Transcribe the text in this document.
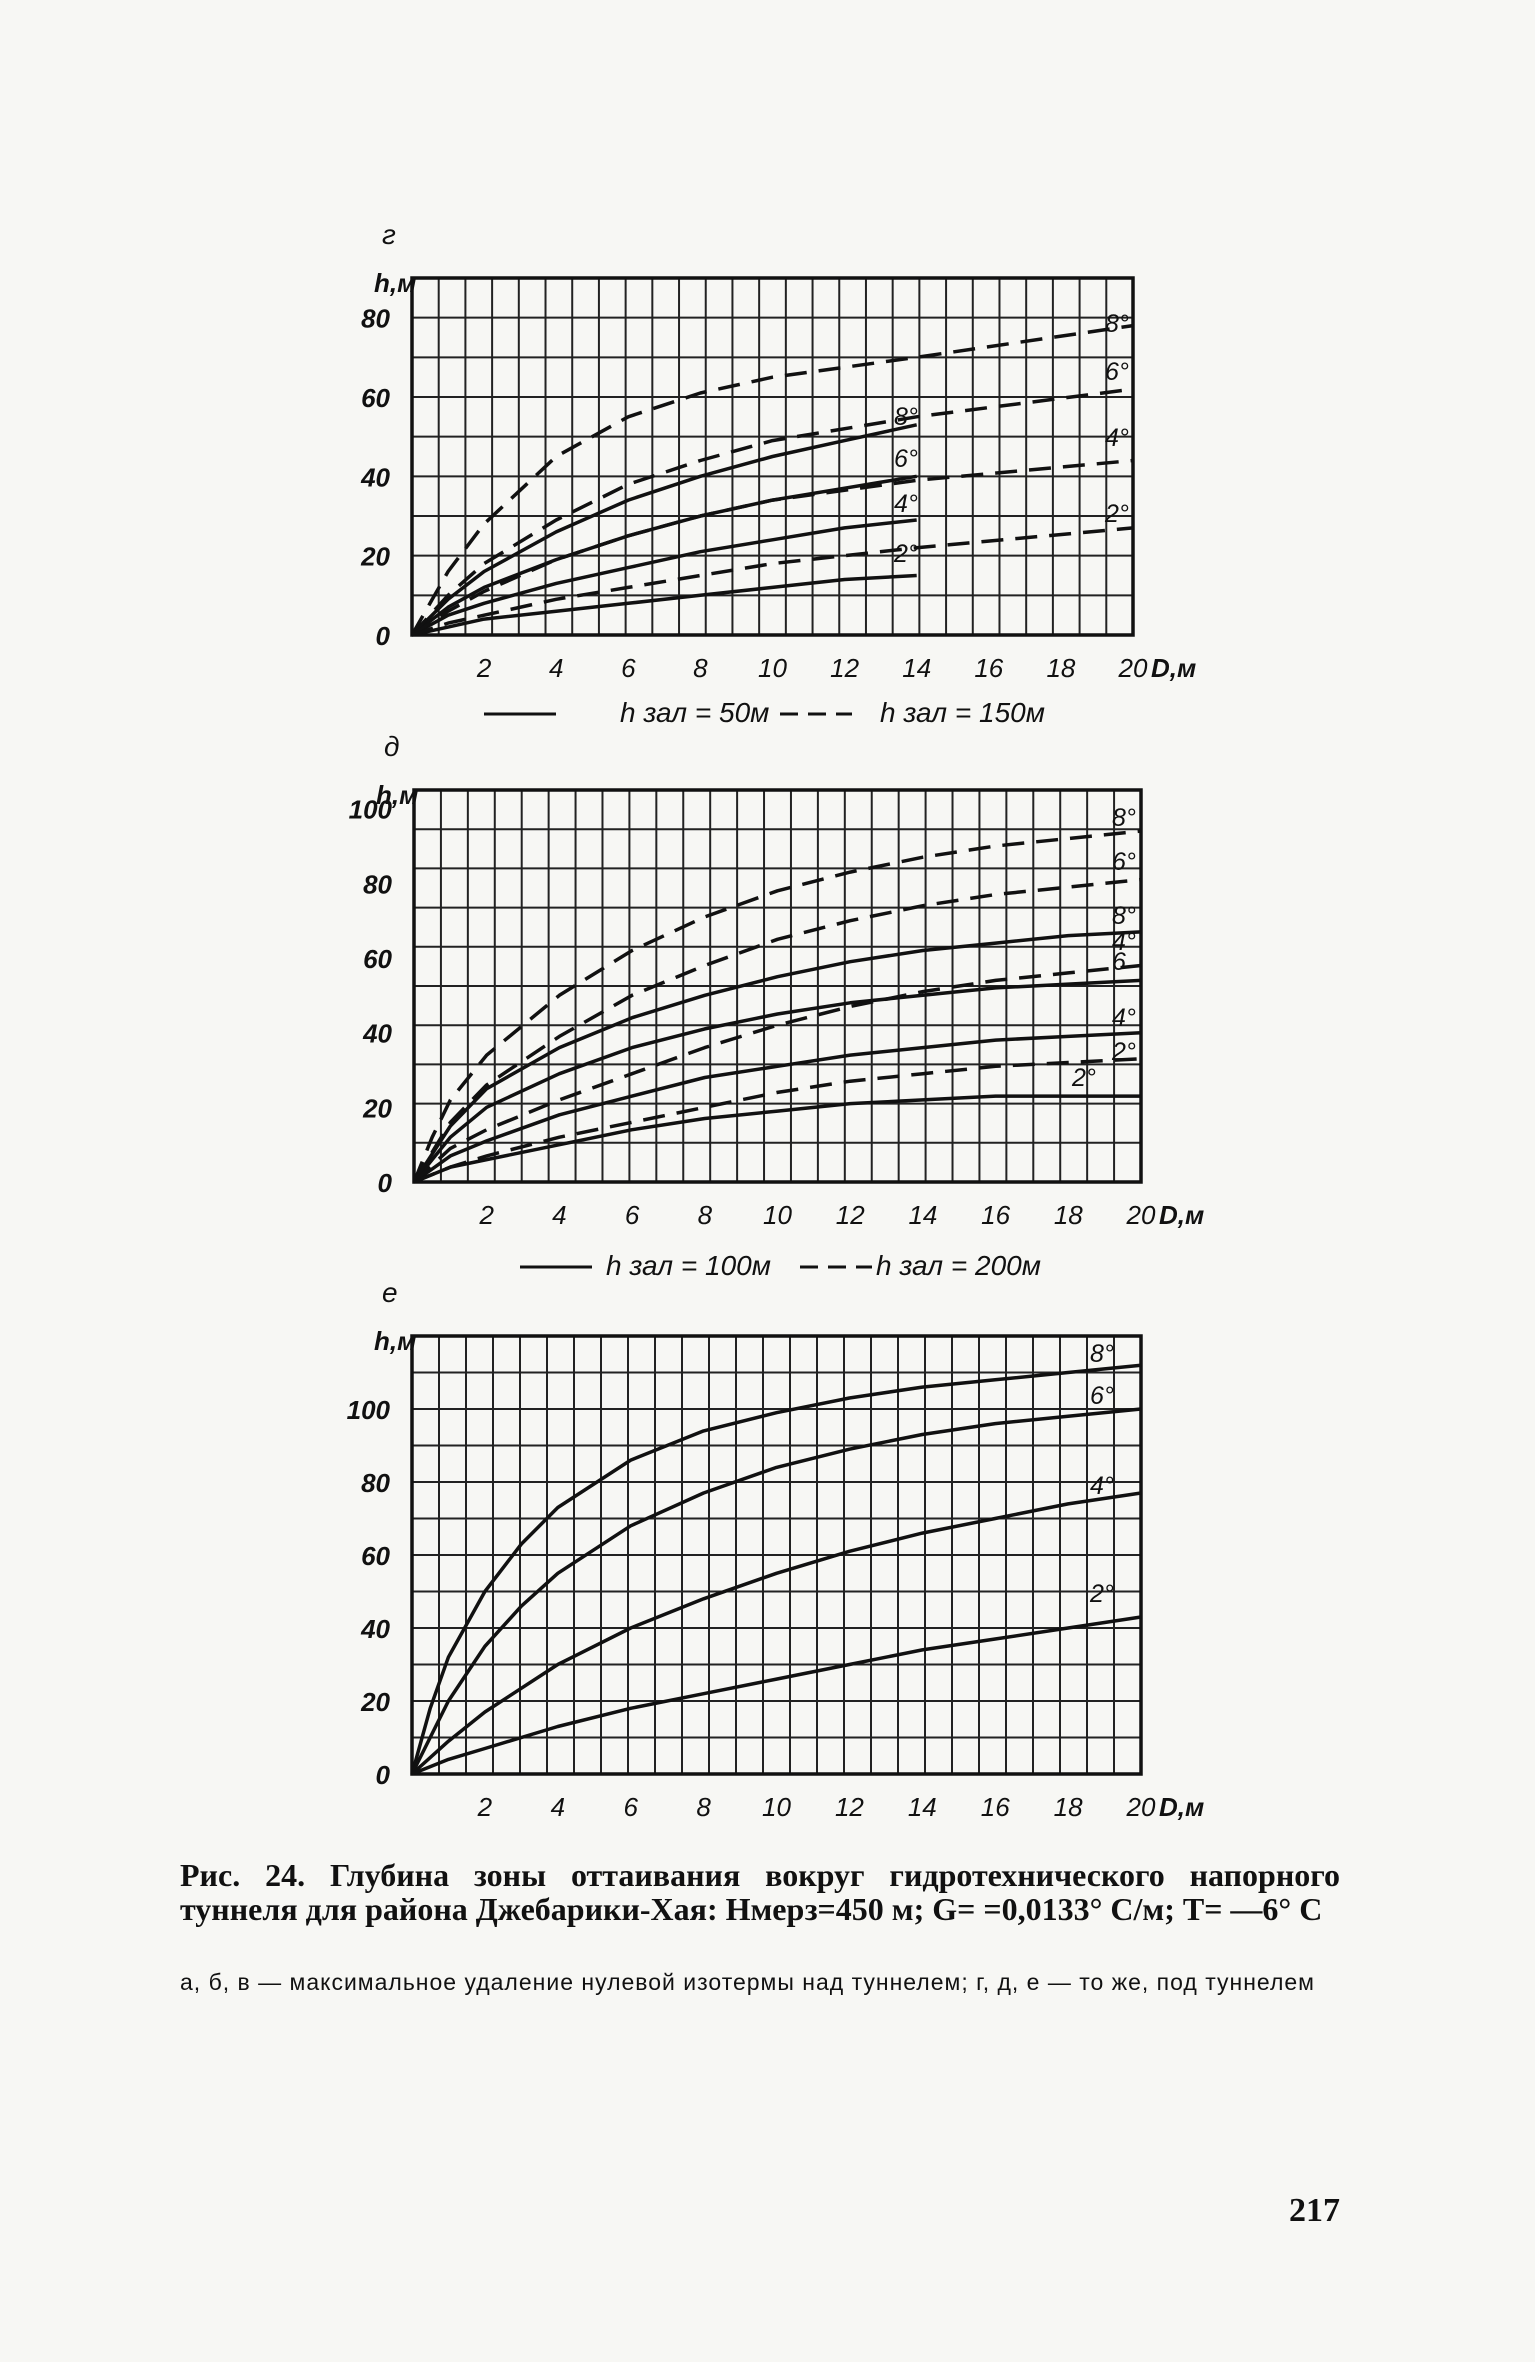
г
h,м
0
20
40
60
80
2 4 6 8 10 12 14 16 18 20 D,м
8°
6°
4°
2°
8°
6°
4°
2°
h зал = 50м	h зал = 150м
д
h,м
0
20
40
60
80
100
2 4 6 8 10 12 14 16 18 20 D,м
8°
6°
8°
4°
6
4°
2°
2°
h зал = 100м	h зал = 200м
е
h,м
0
20
40
60
80
100
2 4 6 8 10 12 14 16 18 20 D,м
8°
6°
4°
2°
Рис. 24. Глубина зоны оттаивания вокруг гидротехнического напорного туннеля для района Джебарики-Хая: Hмерз=450 м; G= =0,0133° С/м; T= —6° C
а, б, в — максимальное удаление нулевой изотермы над туннелем; г, д, е — то же, под туннелем
217
